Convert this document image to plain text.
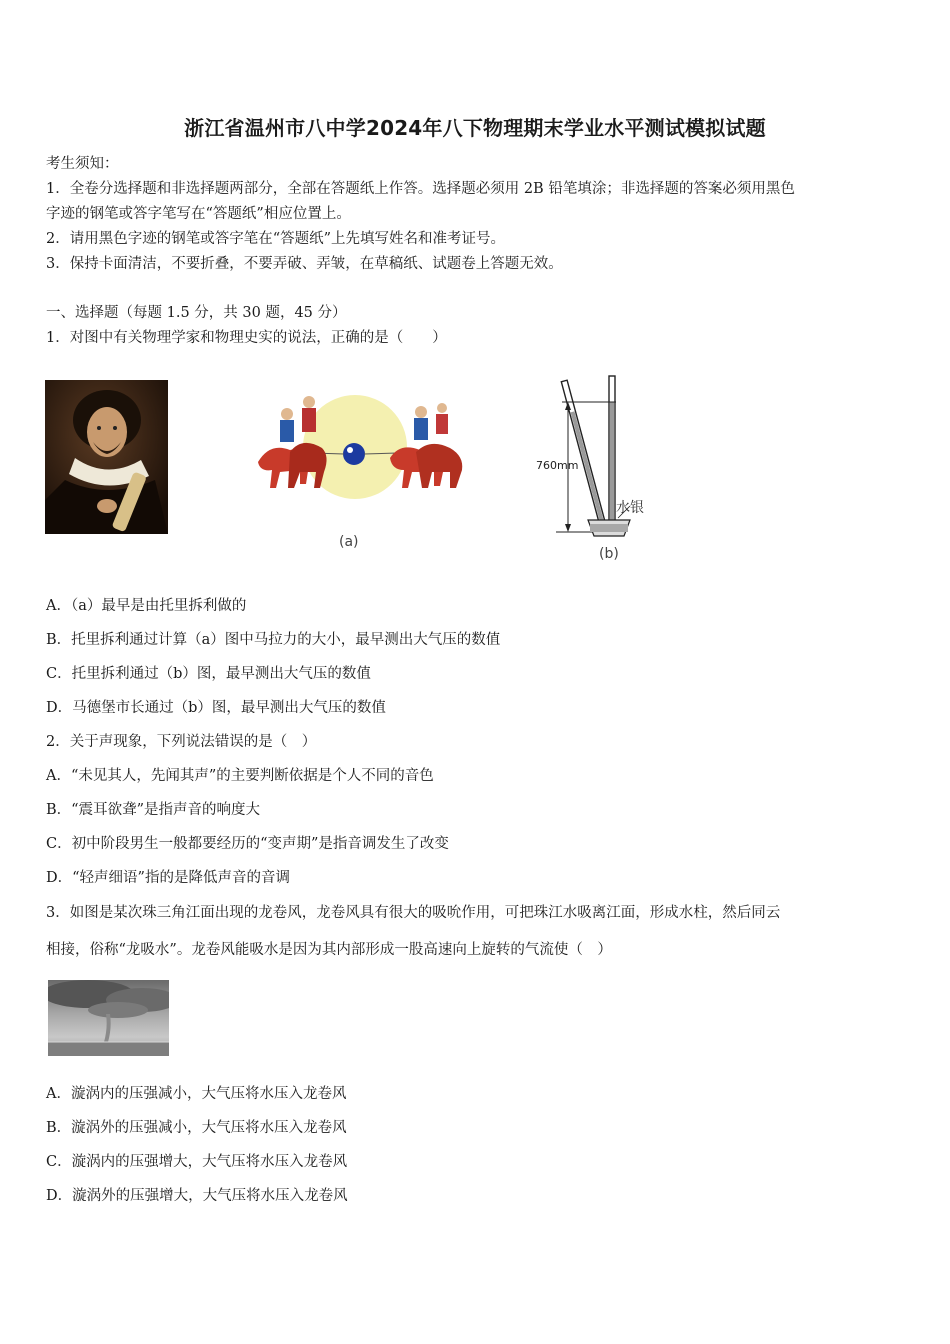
浙江省温州市八中学2024年八下物理期末学业水平测试模拟试题
考生须知：
1．全卷分选择题和非选择题两部分，全部在答题纸上作答。选择题必须用 2B 铅笔填涂；非选择题的答案必须用黑色
字迹的钢笔或答字笔写在“答题纸”相应位置上。
2．请用黑色字迹的钢笔或答字笔在“答题纸”上先填写姓名和准考证号。
3．保持卡面清洁，不要折叠，不要弄破、弄皱，在草稿纸、试题卷上答题无效。
一、选择题（每题 1.5 分，共 30 题，45 分）
1．对图中有关物理学家和物理史实的说法，正确的是（　　）
(a)
760mm
水银
(b)
A．（a）最早是由托里拆利做的
B．托里拆利通过计算（a）图中马拉力的大小，最早测出大气压的数值
C．托里拆利通过（b）图，最早测出大气压的数值
D．马德堡市长通过（b）图，最早测出大气压的数值
2．关于声现象，下列说法错误的是（　）
A．“未见其人，先闻其声”的主要判断依据是个人不同的音色
B．“震耳欲聋”是指声音的响度大
C．初中阶段男生一般都要经历的“变声期”是指音调发生了改变
D．“轻声细语”指的是降低声音的音调
3．如图是某次珠三角江面出现的龙卷风，龙卷风具有很大的吸吮作用，可把珠江水吸离江面，形成水柱，然后同云
相接，俗称“龙吸水”。龙卷风能吸水是因为其内部形成一股高速向上旋转的气流使（　）
A．漩涡内的压强减小，大气压将水压入龙卷风
B．漩涡外的压强减小，大气压将水压入龙卷风
C．漩涡内的压强增大，大气压将水压入龙卷风
D．漩涡外的压强增大，大气压将水压入龙卷风
